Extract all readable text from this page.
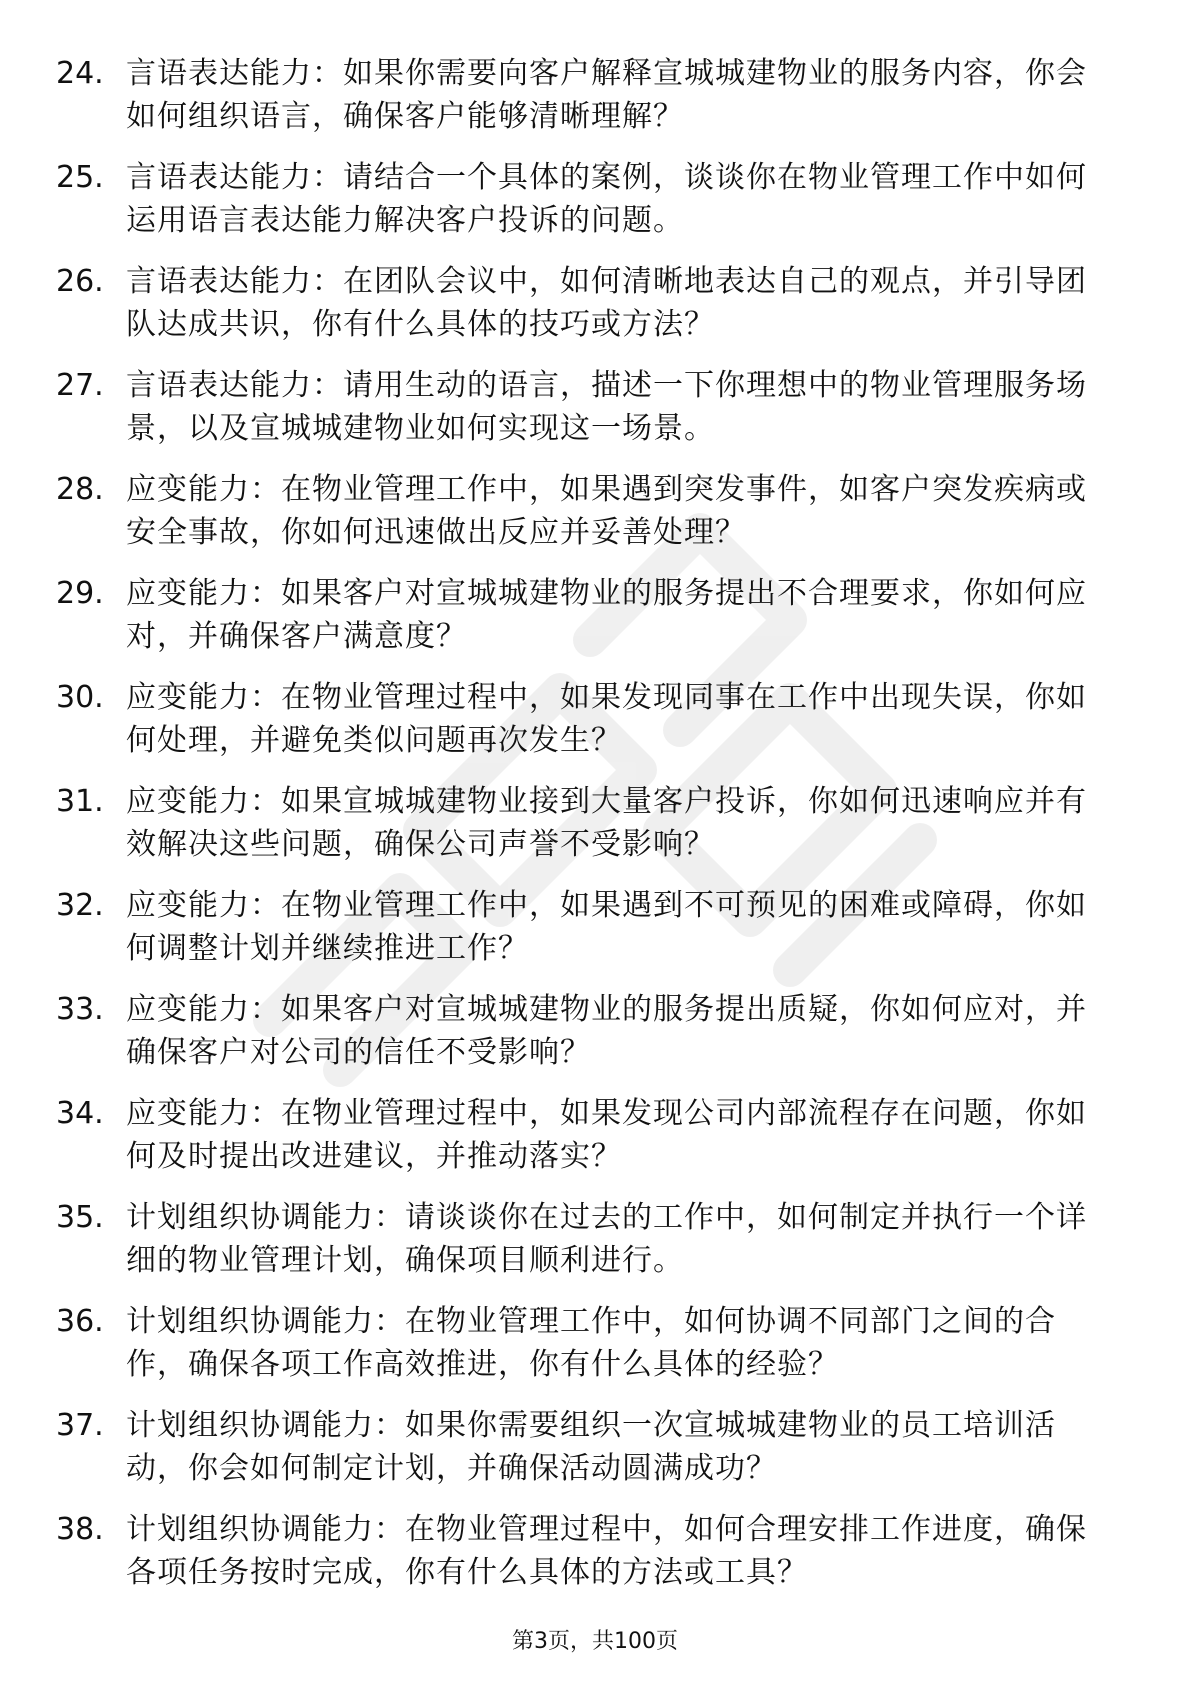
24. 言语表达能力：如果你需要向客户解释宣城城建物业的服务内容，你会如何组织语言，确保客户能够清晰理解？
25. 言语表达能力：请结合一个具体的案例，谈谈你在物业管理工作中如何运用语言表达能力解决客户投诉的问题。
26. 言语表达能力：在团队会议中，如何清晰地表达自己的观点，并引导团队达成共识，你有什么具体的技巧或方法？
27. 言语表达能力：请用生动的语言，描述一下你理想中的物业管理服务场景，以及宣城城建物业如何实现这一场景。
28. 应变能力：在物业管理工作中，如果遇到突发事件，如客户突发疾病或安全事故，你如何迅速做出反应并妥善处理？
29. 应变能力：如果客户对宣城城建物业的服务提出不合理要求，你如何应对，并确保客户满意度？
30. 应变能力：在物业管理过程中，如果发现同事在工作中出现失误，你如何处理，并避免类似问题再次发生？
31. 应变能力：如果宣城城建物业接到大量客户投诉，你如何迅速响应并有效解决这些问题，确保公司声誉不受影响？
32. 应变能力：在物业管理工作中，如果遇到不可预见的困难或障碍，你如何调整计划并继续推进工作？
33. 应变能力：如果客户对宣城城建物业的服务提出质疑，你如何应对，并确保客户对公司的信任不受影响？
34. 应变能力：在物业管理过程中，如果发现公司内部流程存在问题，你如何及时提出改进建议，并推动落实？
35. 计划组织协调能力：请谈谈你在过去的工作中，如何制定并执行一个详细的物业管理计划，确保项目顺利进行。
36. 计划组织协调能力：在物业管理工作中，如何协调不同部门之间的合作，确保各项工作高效推进，你有什么具体的经验？
37. 计划组织协调能力：如果你需要组织一次宣城城建物业的员工培训活动，你会如何制定计划，并确保活动圆满成功？
38. 计划组织协调能力：在物业管理过程中，如何合理安排工作进度，确保各项任务按时完成，你有什么具体的方法或工具？
第3页，共100页
